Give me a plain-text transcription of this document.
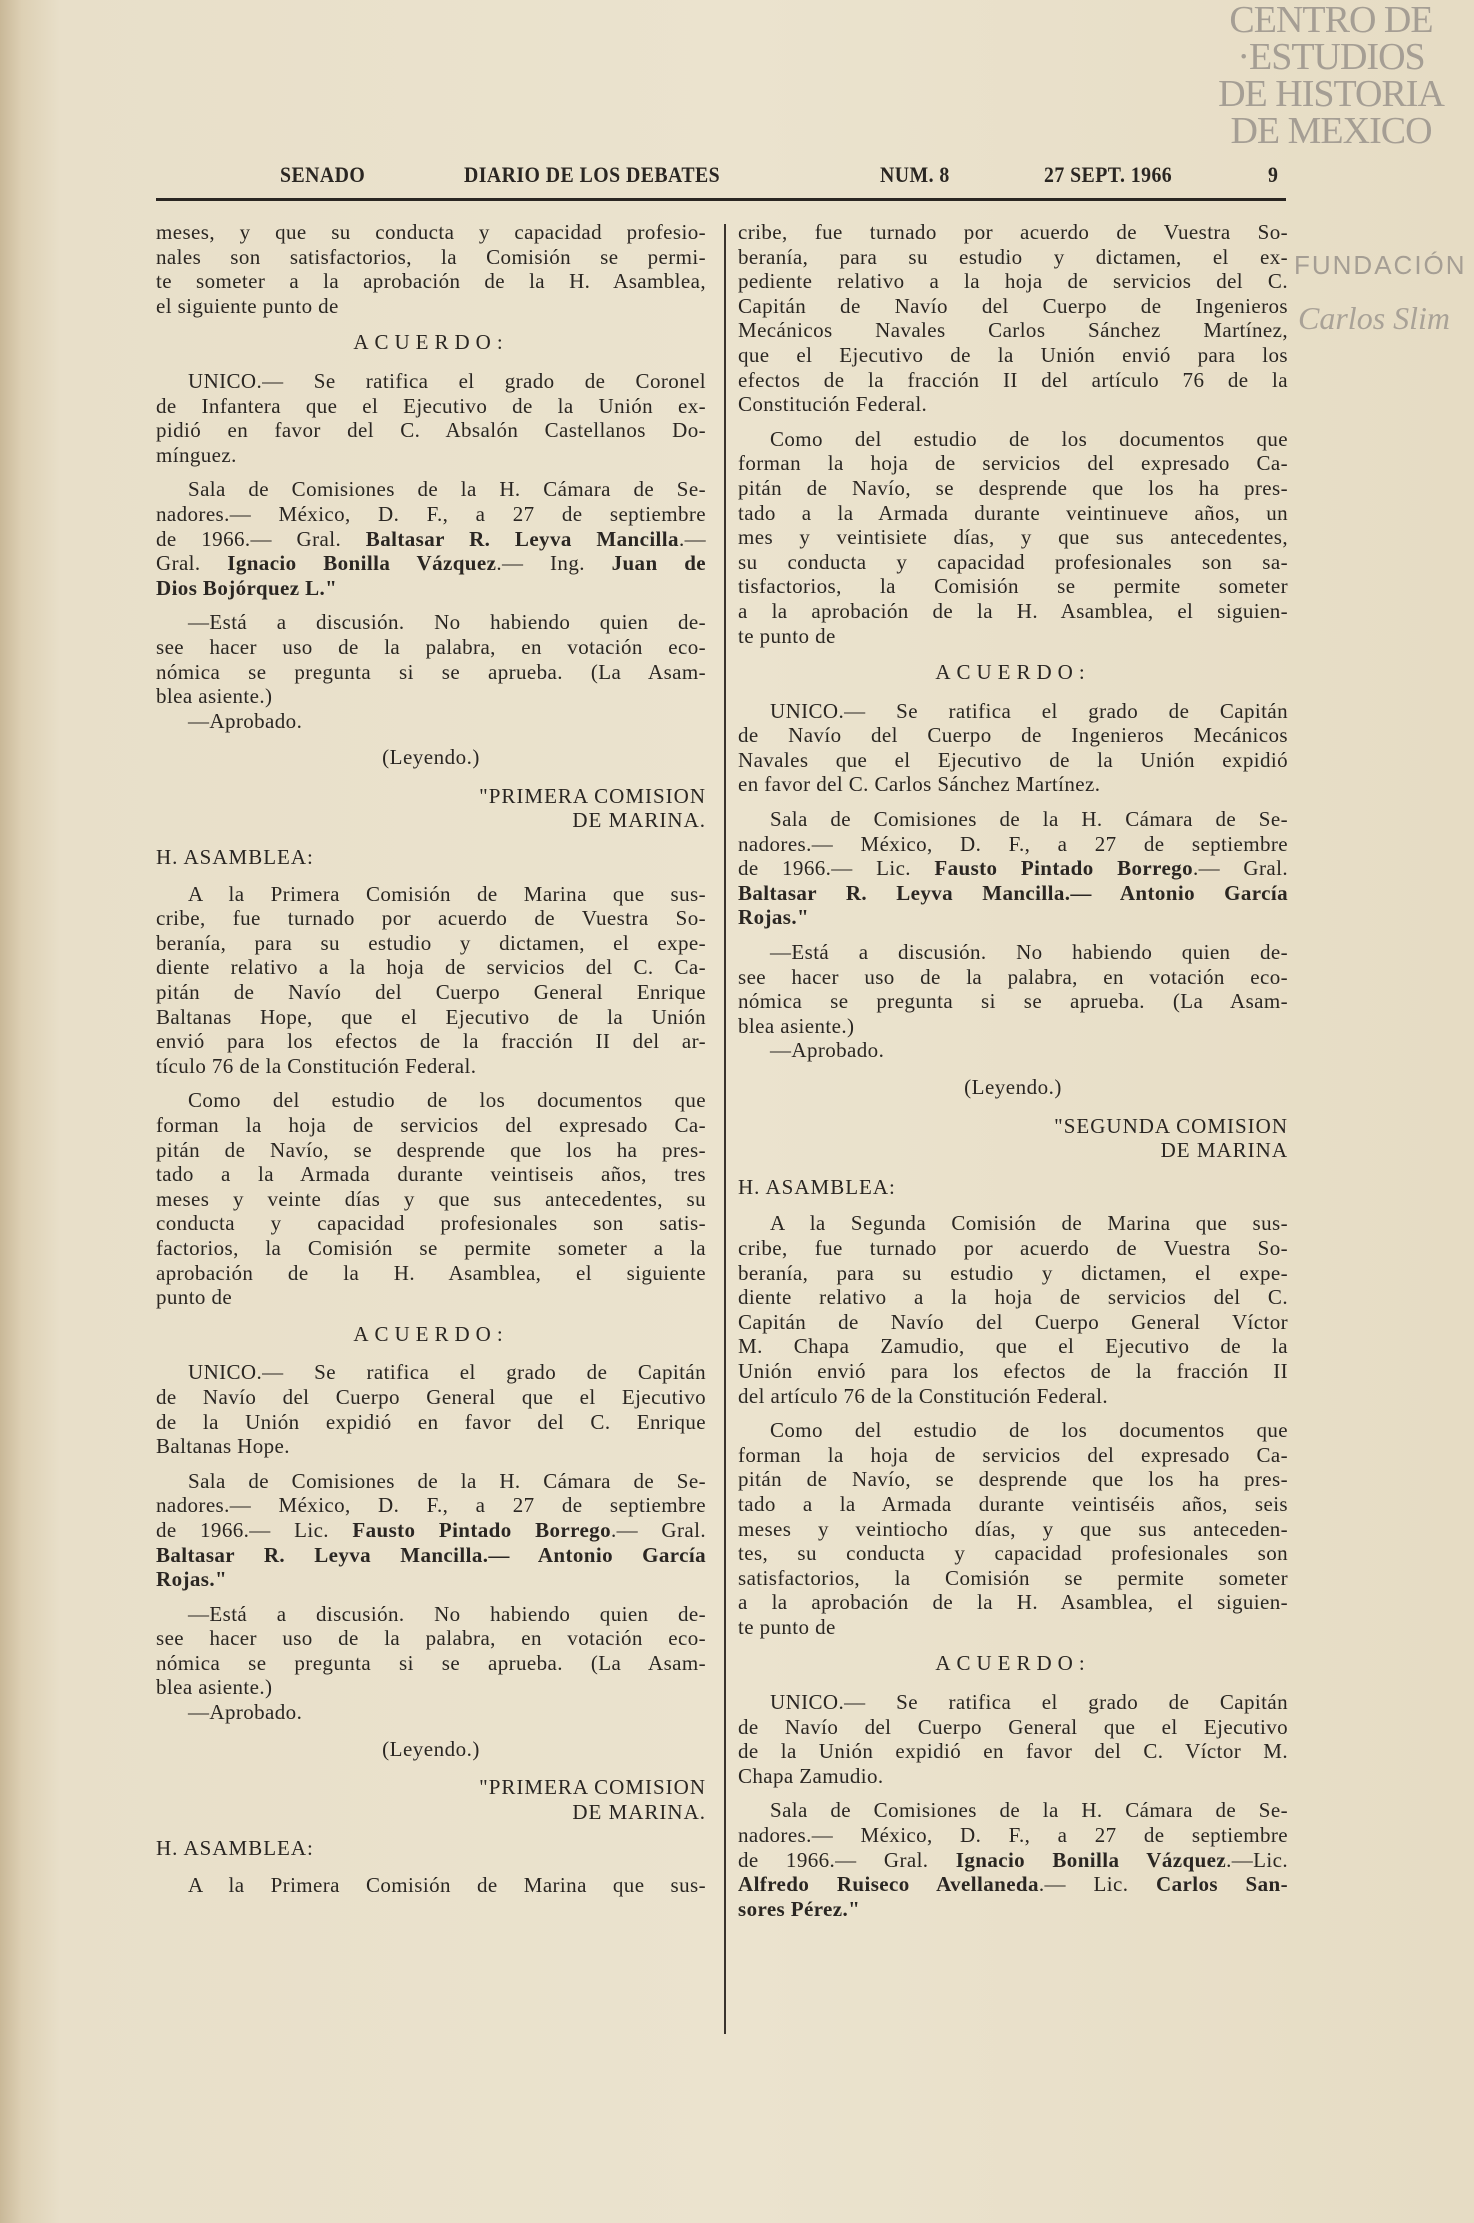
SENADO	DIARIO DE LOS DEBATES	NUM. 8	27 SEPT. 1966	9
meses, y que su conducta y capacidad profesio-
nales son satisfactorios, la Comisión se permi-
te someter a la aprobación de la H. Asamblea,
el siguiente punto de
ACUERDO:
UNICO.— Se ratifica el grado de Coronel
de Infantera que el Ejecutivo de la Unión ex-
pidió en favor del C. Absalón Castellanos Do-
mínguez.
Sala de Comisiones de la H. Cámara de Se-
nadores.— México, D. F., a 27 de septiembre
de 1966.— Gral. Baltasar R. Leyva Mancilla.—
Gral. Ignacio Bonilla Vázquez.— Ing. Juan de
Dios Bojórquez L."
—Está a discusión. No habiendo quien de-
see hacer uso de la palabra, en votación eco-
nómica se pregunta si se aprueba. (La Asam-
blea asiente.)
—Aprobado.
(Leyendo.)
"PRIMERA COMISION
DE MARINA.
H. ASAMBLEA:
A la Primera Comisión de Marina que sus-
cribe, fue turnado por acuerdo de Vuestra So-
beranía, para su estudio y dictamen, el expe-
diente relativo a la hoja de servicios del C. Ca-
pitán de Navío del Cuerpo General Enrique
Baltanas Hope, que el Ejecutivo de la Unión
envió para los efectos de la fracción II del ar-
tículo 76 de la Constitución Federal.
Como del estudio de los documentos que
forman la hoja de servicios del expresado Ca-
pitán de Navío, se desprende que los ha pres-
tado a la Armada durante veintiseis años, tres
meses y veinte días y que sus antecedentes, su
conducta y capacidad profesionales son satis-
factorios, la Comisión se permite someter a la
aprobación de la H. Asamblea, el siguiente
punto de
ACUERDO:
UNICO.— Se ratifica el grado de Capitán
de Navío del Cuerpo General que el Ejecutivo
de la Unión expidió en favor del C. Enrique
Baltanas Hope.
Sala de Comisiones de la H. Cámara de Se-
nadores.— México, D. F., a 27 de septiembre
de 1966.— Lic. Fausto Pintado Borrego.— Gral.
Baltasar R. Leyva Mancilla.— Antonio García
Rojas."
—Está a discusión. No habiendo quien de-
see hacer uso de la palabra, en votación eco-
nómica se pregunta si se aprueba. (La Asam-
blea asiente.)
—Aprobado.
(Leyendo.)
"PRIMERA COMISION
DE MARINA.
H. ASAMBLEA:
A la Primera Comisión de Marina que sus-
cribe, fue turnado por acuerdo de Vuestra So-
beranía, para su estudio y dictamen, el ex-
pediente relativo a la hoja de servicios del C.
Capitán de Navío del Cuerpo de Ingenieros
Mecánicos Navales Carlos Sánchez Martínez,
que el Ejecutivo de la Unión envió para los
efectos de la fracción II del artículo 76 de la
Constitución Federal.
Como del estudio de los documentos que
forman la hoja de servicios del expresado Ca-
pitán de Navío, se desprende que los ha pres-
tado a la Armada durante veintinueve años, un
mes y veintisiete días, y que sus antecedentes,
su conducta y capacidad profesionales son sa-
tisfactorios, la Comisión se permite someter
a la aprobación de la H. Asamblea, el siguien-
te punto de
ACUERDO:
UNICO.— Se ratifica el grado de Capitán
de Navío del Cuerpo de Ingenieros Mecánicos
Navales que el Ejecutivo de la Unión expidió
en favor del C. Carlos Sánchez Martínez.
Sala de Comisiones de la H. Cámara de Se-
nadores.— México, D. F., a 27 de septiembre
de 1966.— Lic. Fausto Pintado Borrego.— Gral.
Baltasar R. Leyva Mancilla.— Antonio García
Rojas."
—Está a discusión. No habiendo quien de-
see hacer uso de la palabra, en votación eco-
nómica se pregunta si se aprueba. (La Asam-
blea asiente.)
—Aprobado.
(Leyendo.)
"SEGUNDA COMISION
DE MARINA
H. ASAMBLEA:
A la Segunda Comisión de Marina que sus-
cribe, fue turnado por acuerdo de Vuestra So-
beranía, para su estudio y dictamen, el expe-
diente relativo a la hoja de servicios del C.
Capitán de Navío del Cuerpo General Víctor
M. Chapa Zamudio, que el Ejecutivo de la
Unión envió para los efectos de la fracción II
del artículo 76 de la Constitución Federal.
Como del estudio de los documentos que
forman la hoja de servicios del expresado Ca-
pitán de Navío, se desprende que los ha pres-
tado a la Armada durante veintiséis años, seis
meses y veintiocho días, y que sus anteceden-
tes, su conducta y capacidad profesionales son
satisfactorios, la Comisión se permite someter
a la aprobación de la H. Asamblea, el siguien-
te punto de
ACUERDO:
UNICO.— Se ratifica el grado de Capitán
de Navío del Cuerpo General que el Ejecutivo
de la Unión expidió en favor del C. Víctor M.
Chapa Zamudio.
Sala de Comisiones de la H. Cámara de Se-
nadores.— México, D. F., a 27 de septiembre
de 1966.— Gral. Ignacio Bonilla Vázquez.—Lic.
Alfredo Ruiseco Avellaneda.— Lic. Carlos San-
sores Pérez."
CENTRO DE
·ESTUDIOS
DE HISTORIA
DE MEXICO
FUNDACIÓN
Carlos Slim
